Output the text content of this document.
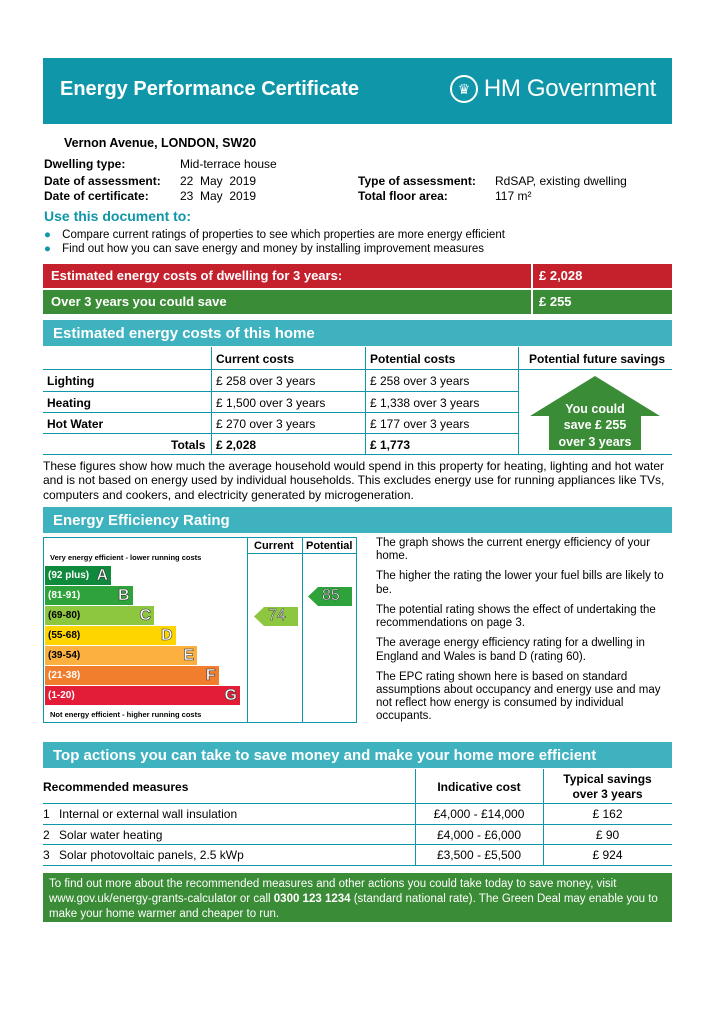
Energy Performance Certificate	♛ HM Government
Vernon Avenue, LONDON, SW20
Dwelling type:	Mid-terrace house
Date of assessment: 22  May  2019
Date of certificate:	23  May  2019
Type of assessment: RdSAP, existing dwelling
Total floor area:	117 m²
Use this document to:
● Compare current ratings of properties to see which properties are more energy efficient
● Find out how you can save energy and money by installing improvement measures
Estimated energy costs of dwelling for 3 years:	£ 2,028
Over 3 years you could save	£ 255
Estimated energy costs of this home
Current costs	Potential costs	Potential future savings
Lighting	£ 258 over 3 years	£ 258 over 3 years
Heating	£ 1,500 over 3 years	£ 1,338 over 3 years
Hot Water	£ 270 over 3 years	£ 177 over 3 years
Totals £ 2,028	£ 1,773
You could
save £ 255
over 3 years
These figures show how much the average household would spend in this property for heating, lighting and hot water and is not based on energy used by individual households. This excludes energy use for running appliances like TVs, computers and cookers, and electricity generated by microgeneration.
Energy Efficiency Rating
Very energy efficient - lower running costs
Not energy efficient - higher running costs
Current Potential
(92 plus) A
(81-91) B
(69-80)	C
(55-68)	D
(39-54)	E
(21-38)	F
(1-20)	G
74
85

The graph shows the current energy efficiency of your home.

The higher the rating the lower your fuel bills are likely to be.

The potential rating shows the effect of undertaking the recommendations on page 3.

The average energy efficiency rating for a dwelling in England and Wales is band D (rating 60).

The EPC rating shown here is based on standard assumptions about occupancy and energy use and may not reflect how energy is consumed by individual occupants.

Top actions you can take to save money and make your home more efficient
Recommended measures	Indicative cost
Typical savings
over 3 years
1 Internal or external wall insulation	£4,000 - £14,000	£ 162
2 Solar water heating	£4,000 - £6,000	£ 90
3 Solar photovoltaic panels, 2.5 kWp	£3,500 - £5,500	£ 924
To find out more about the recommended measures and other actions you could take today to save money, visit www.gov.uk/energy-grants-calculator or call 0300 123 1234 (standard national rate). The Green Deal may enable you to make your home warmer and cheaper to run.
